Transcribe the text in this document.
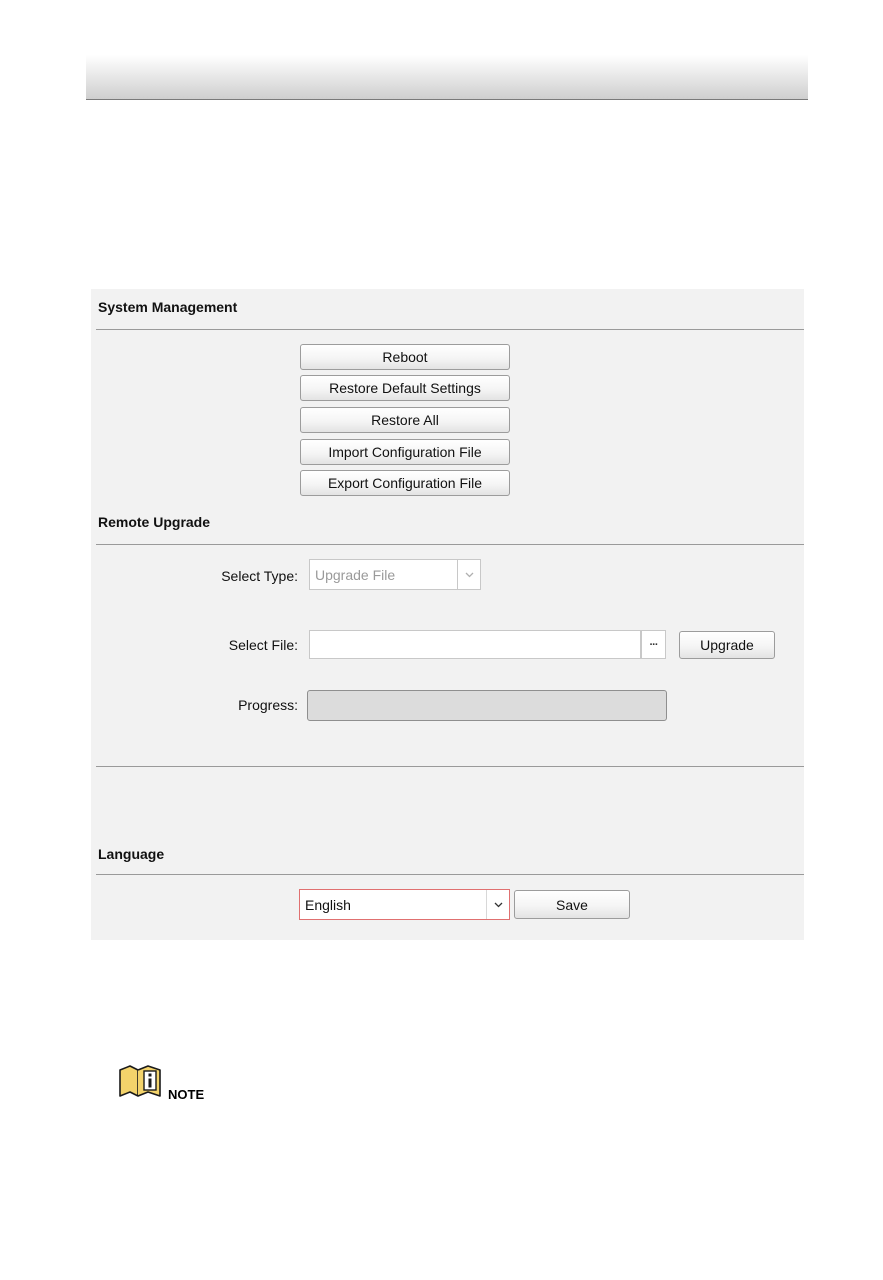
System Management
Reboot
Restore Default Settings
Restore All
Import Configuration File
Export Configuration File
Remote Upgrade
Select Type:	Upgrade File
Select File:	···	Upgrade
Progress:
Language
English	Save
NOTE
